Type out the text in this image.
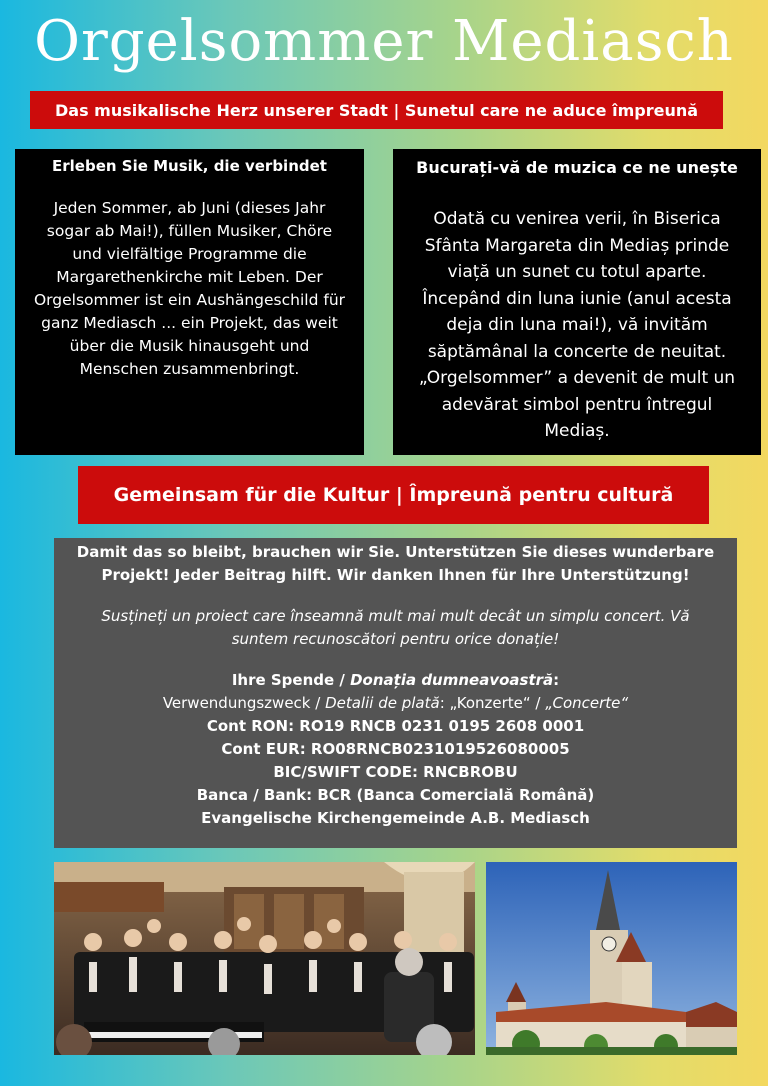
Orgelsommer Mediasch
Das musikalische Herz unserer Stadt | Sunetul care ne aduce împreună
Erleben Sie Musik, die verbindet
Jeden Sommer, ab Juni (dieses Jahr
sogar ab Mai!), füllen Musiker, Chöre
und vielfältige Programme die
Margarethenkirche mit Leben. Der
Orgelsommer ist ein Aushängeschild für
ganz Mediasch ... ein Projekt, das weit
über die Musik hinausgeht und
Menschen zusammenbringt.
Bucurați-vă de muzica ce ne unește
Odată cu venirea verii, în Biserica
Sfânta Margareta din Mediaș prinde
viață un sunet cu totul aparte.
Începând din luna iunie (anul acesta
deja din luna mai!), vă invităm
săptămânal la concerte de neuitat.
„Orgelsommer” a devenit de mult un
adevărat simbol pentru întregul
Mediaș.
Gemeinsam für die Kultur | Împreună pentru cultură
Damit das so bleibt, brauchen wir Sie. Unterstützen Sie dieses wunderbare
Projekt! Jeder Beitrag hilft. Wir danken Ihnen für Ihre Unterstützung!
Susțineți un proiect care înseamnă mult mai mult decât un simplu concert. Vă
suntem recunoscători pentru orice donație!
Ihre Spende / Donația dumneavoastră:
Verwendungszweck / Detalii de plată: „Konzerte“ / „Concerte“
Cont RON: RO19 RNCB 0231 0195 2608 0001
Cont EUR: RO08RNCB0231019526080005
BIC/SWIFT CODE: RNCBROBU
Banca / Bank: BCR (Banca Comercială Română)
Evangelische Kirchengemeinde A.B. Mediasch
